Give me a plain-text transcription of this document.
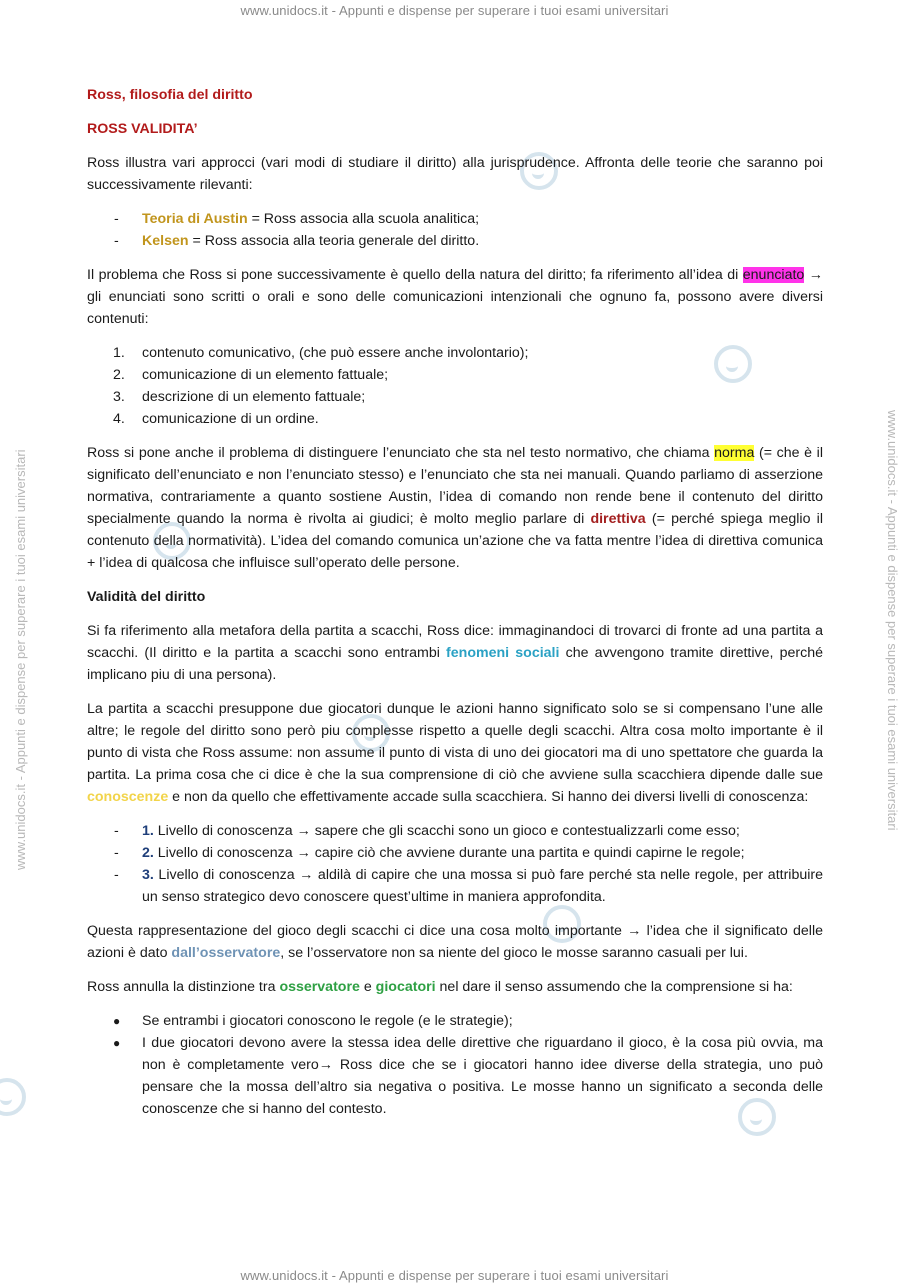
www.unidocs.it - Appunti e dispense per superare i tuoi esami universitari
www.unidocs.it - Appunti e dispense per superare i tuoi esami universitari	www.unidocs.it - Appunti e dispense per superare i tuoi esami universitari
Ross, filosofia del diritto
ROSS VALIDITA’

Ross illustra vari approcci (vari modi di studiare il diritto) alla jurisprudence. Affronta delle teorie che saranno poi successivamente rilevanti:

- Teoria di Austin = Ross associa alla scuola analitica;
- Kelsen = Ross associa alla teoria generale del diritto.

Il problema che Ross si pone successivamente è quello della natura del diritto; fa riferimento all’idea di enunciato → gli enunciati sono scritti o orali e sono delle comunicazioni intenzionali che ognuno fa, possono avere diversi contenuti:

1. contenuto comunicativo, (che può essere anche involontario);
2. comunicazione di un elemento fattuale;
3. descrizione di un elemento fattuale;
4. comunicazione di un ordine.

Ross si pone anche il problema di distinguere l’enunciato che sta nel testo normativo, che chiama norma (= che è il significato dell’enunciato e non l’enunciato stesso) e l’enunciato che sta nei manuali. Quando parliamo di asserzione normativa, contrariamente a quanto sostiene Austin, l’idea di comando non rende bene il contenuto del diritto specialmente quando la norma è rivolta ai giudici; è molto meglio parlare di direttiva (= perché spiega meglio il contenuto della normatività). L’idea del comando comunica un’azione che va fatta mentre l’idea di direttiva comunica + l’idea di qualcosa che influisce sull’operato delle persone.

Validità del diritto

Si fa riferimento alla metafora della partita a scacchi, Ross dice: immaginandoci di trovarci di fronte ad una partita a scacchi. (Il diritto e la partita a scacchi sono entrambi fenomeni sociali che avvengono tramite direttive, perché implicano piu di una persona).

La partita a scacchi presuppone due giocatori dunque le azioni hanno significato solo se si compensano l’une alle altre; le regole del diritto sono però piu complesse rispetto a quelle degli scacchi. Altra cosa molto importante è il punto di vista che Ross assume: non assume il punto di vista di uno dei giocatori ma di uno spettatore che guarda la partita. La prima cosa che ci dice è che la sua comprensione di ciò che avviene sulla scacchiera dipende dalle sue conoscenze e non da quello che effettivamente accade sulla scacchiera. Si hanno dei diversi livelli di conoscenza:

- 1. Livello di conoscenza → sapere che gli scacchi sono un gioco e contestualizzarli come esso;
- 2. Livello di conoscenza → capire ciò che avviene durante una partita e quindi capirne le regole;
- 3. Livello di conoscenza → aldilà di capire che una mossa si può fare perché sta nelle regole, per attribuire un senso strategico devo conoscere quest’ultime in maniera approfondita.

Questa rappresentazione del gioco degli scacchi ci dice una cosa molto importante → l’idea che il significato delle azioni è dato dall’osservatore, se l’osservatore non sa niente del gioco le mosse saranno casuali per lui.

Ross annulla la distinzione tra osservatore e giocatori nel dare il senso assumendo che la comprensione si ha:

● Se entrambi i giocatori conoscono le regole (e le strategie);
● I due giocatori devono avere la stessa idea delle direttive che riguardano il gioco, è la cosa più ovvia, ma non è completamente vero→ Ross dice che se i giocatori hanno idee diverse della strategia, uno può pensare che la mossa dell’altro sia negativa o positiva. Le mosse hanno un significato a seconda delle conoscenze che si hanno del contesto.
www.unidocs.it - Appunti e dispense per superare i tuoi esami universitari
